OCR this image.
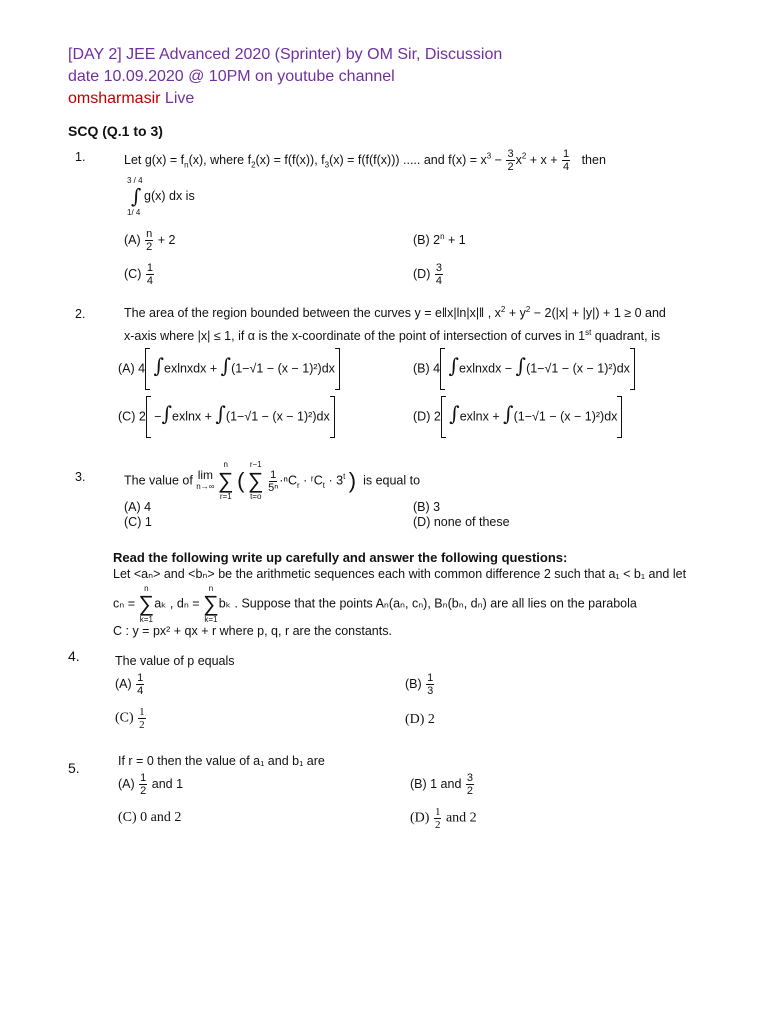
[DAY 2] JEE Advanced 2020 (Sprinter) by OM Sir, Discussion
date 10.09.2020 @ 10PM on youtube channel
omsharmasir Live
SCQ (Q.1 to 3)
1.	Let $g(x) = f_n(x)$, where $f_2(x) = f(f(x))$, $f_3(x) = f(f(f(x)))$ ..... and $f(x) = x^3 - \frac{3}{2} x^2 + x + \frac{1}{4}$ then
3 / 4
∫
1/ 4
g(x) dx is
$(A) \frac{n}{2} + 2$	(B) $2^n + 1$
$(C) \frac{1}{4}$	$(D) \frac{3}{4}$
2.	The area of the region bounded between the curves y = e‖x|ln|x|‖ , $x^2 + y^2 - 2(|x| + |y|) + 1 \ge 0$ and
x-axis where |x| ≤ 1, if α is the x-coordinate of the point of intersection of curves in 1st quadrant, is
(A) 4 ∫exlnxdx + ∫(1−√1 − (x − 1)²)dx	(B) 4 ∫exlnxdx − ∫(1−√1 − (x − 1)²)dx
(C) 2 −∫exlnx + ∫(1−√1 − (x − 1)²)dx	(D) 2 ∫exlnx + ∫(1−√1 − (x − 1)²)dx
3.	The value of lim
n→∞

n
∑
r=1
(
r−1
∑
t=o

$\frac{1}{\text{5ⁿ}} \cdot^nC_r$ · ʳC$_t$ · $3^t$ ) is equal to
(A) 4	(B) 3
(C) 1	(D) none of these
Read the following write up carefully and answer the following questions:
Let <aₙ> and <bₙ> be the arithmetic sequences each with common difference 2 such that a₁ < b₁ and let
cₙ =
n
∑
k=1
aₖ , dₙ =
n
∑
k=1
bₖ . Suppose that the points Aₙ(aₙ, cₙ), Bₙ(bₙ, dₙ) are all lies on the parabola
C : y = px² + qx + r where p, q, r are the constants.
4.	The value of p equals
$(A) \frac{1}{4}$	$(B) \frac{1}{3}$
$(C) \frac{1}{2}$	(D) 2
5.	If r = 0 then the value of a₁ and b₁ are
$(A) \frac{1}{2}$ and 1	(B) 1 and $\frac{3}{2}$
(C) 0 and 2	$(D) \frac{1}{2}$ and 2
